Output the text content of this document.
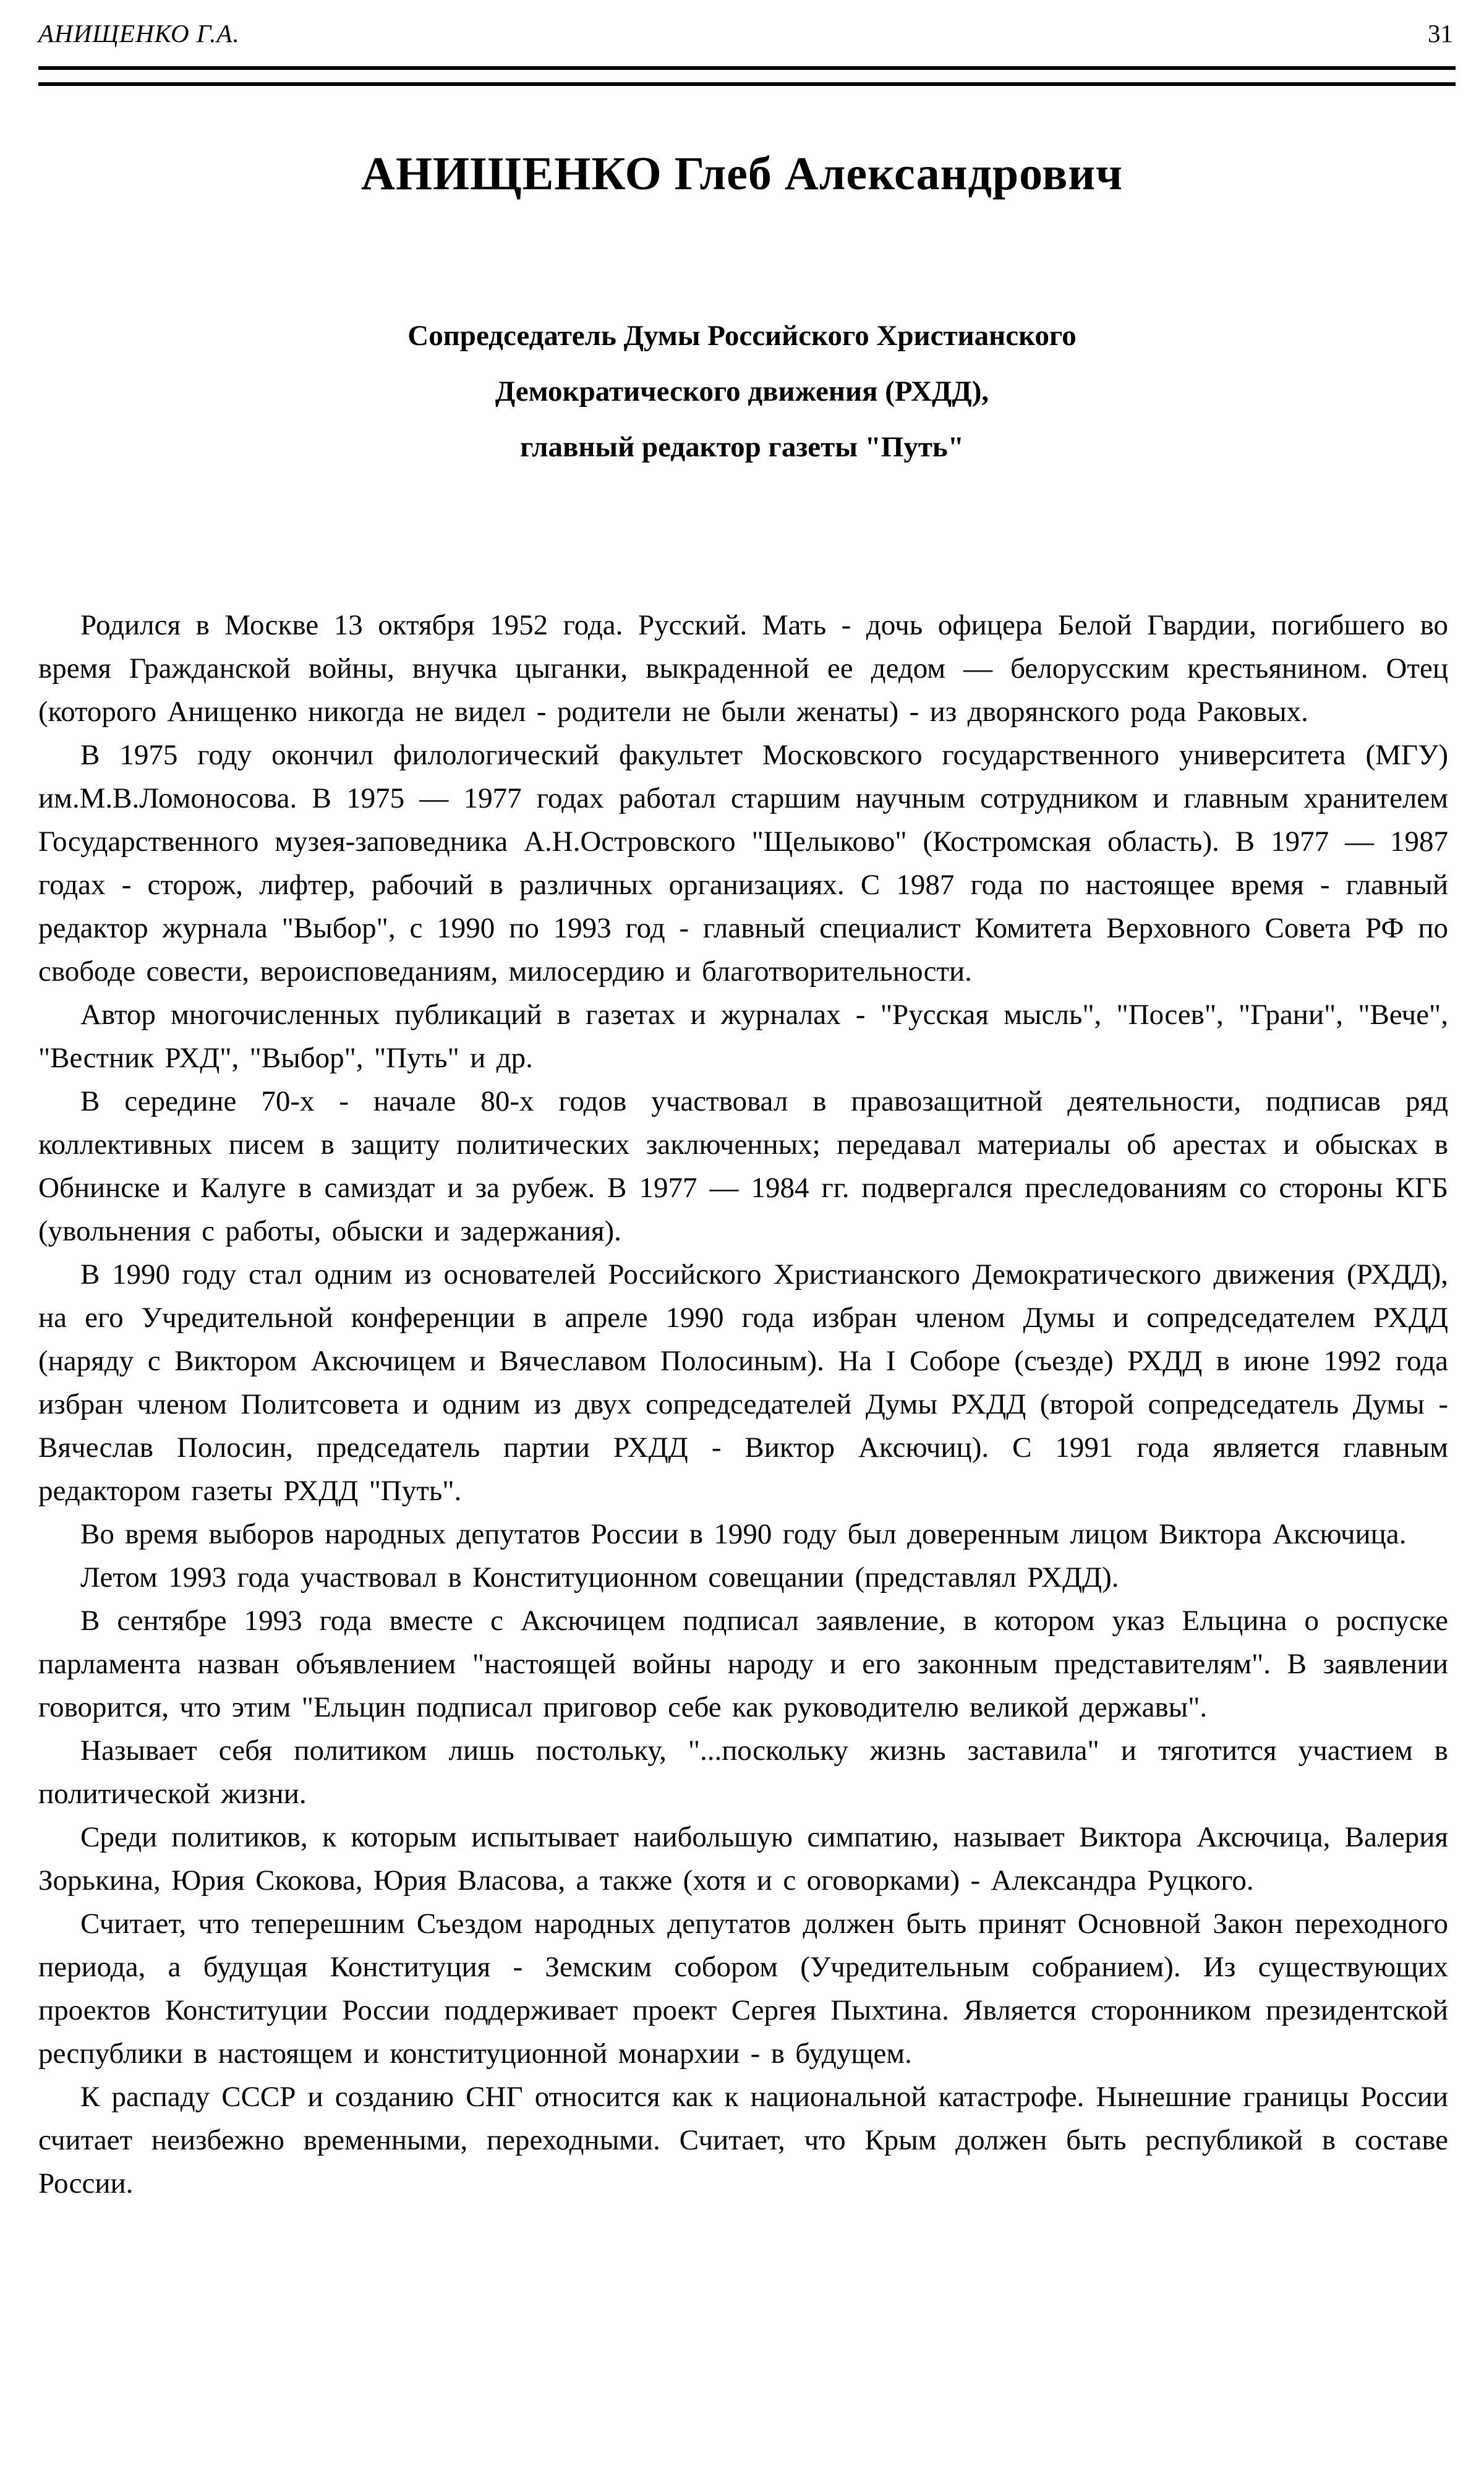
АНИЩЕНКО Г.А.	31
АНИЩЕНКО Глеб Александрович
Сопредседатель Думы Российского Христианского
Демократического движения (РХДД),
главный редактор газеты "Путь"

Родился в Москве 13 октября 1952 года. Русский. Мать - дочь офицера Белой Гвардии, погибшего во время Гражданской войны, внучка цыганки, выкраденной ее дедом — белорусским крестьянином. Отец (которого Анищенко никогда не видел - родители не были женаты) - из дворянского рода Раковых.

В 1975 году окончил филологический факультет Московского государственного университета (МГУ) им.М.В.Ломоносова. В 1975 — 1977 годах работал старшим научным сотрудником и главным хранителем Государственного музея-заповедника А.Н.Островского "Щелыково" (Костромская область). В 1977 — 1987 годах - сторож, лифтер, рабочий в различных организациях. С 1987 года по настоящее время - главный редактор журнала "Выбор", с 1990 по 1993 год - главный специалист Комитета Верховного Совета РФ по свободе совести, вероисповеданиям, милосердию и благотворительности.

Автор многочисленных публикаций в газетах и журналах - "Русская мысль", "Посев", "Грани", "Вече", "Вестник РХД", "Выбор", "Путь" и др.

В середине 70-х - начале 80-х годов участвовал в правозащитной деятельности, подписав ряд коллективных писем в защиту политических заключенных; передавал материалы об арестах и обысках в Обнинске и Калуге в самиздат и за рубеж. В 1977 — 1984 гг. подвергался преследованиям со стороны КГБ (увольнения с работы, обыски и задержания).

В 1990 году стал одним из основателей Российского Христианского Демократического движения (РХДД), на его Учредительной конференции в апреле 1990 года избран членом Думы и сопредседателем РХДД (наряду с Виктором Аксючицем и Вячеславом Полосиным). На I Соборе (съезде) РХДД в июне 1992 года избран членом Политсовета и одним из двух сопредседателей Думы РХДД (второй сопредседатель Думы - Вячеслав Полосин, председатель партии РХДД - Виктор Аксючиц). С 1991 года является главным редактором газеты РХДД "Путь".

Во время выборов народных депутатов России в 1990 году был доверенным лицом Виктора Аксючица.

Летом 1993 года участвовал в Конституционном совещании (представлял РХДД).

В сентябре 1993 года вместе с Аксючицем подписал заявление, в котором указ Ельцина о роспуске парламента назван объявлением "настоящей войны народу и его законным представителям". В заявлении говорится, что этим "Ельцин подписал приговор себе как руководителю великой державы".

Называет себя политиком лишь постольку, "...поскольку жизнь заставила" и тяготится участием в политической жизни.

Среди политиков, к которым испытывает наибольшую симпатию, называет Виктора Аксючица, Валерия Зорькина, Юрия Скокова, Юрия Власова, а также (хотя и с оговорками) - Александра Руцкого.

Считает, что теперешним Съездом народных депутатов должен быть принят Основной Закон переходного периода, а будущая Конституция - Земским собором (Учредительным собранием). Из существующих проектов Конституции России поддерживает проект Сергея Пыхтина. Является сторонником президентской республики в настоящем и конституционной монархии - в будущем.

К распаду СССР и созданию СНГ относится как к национальной катастрофе. Нынешние границы России считает неизбежно временными, переходными. Считает, что Крым должен быть республикой в составе России.
